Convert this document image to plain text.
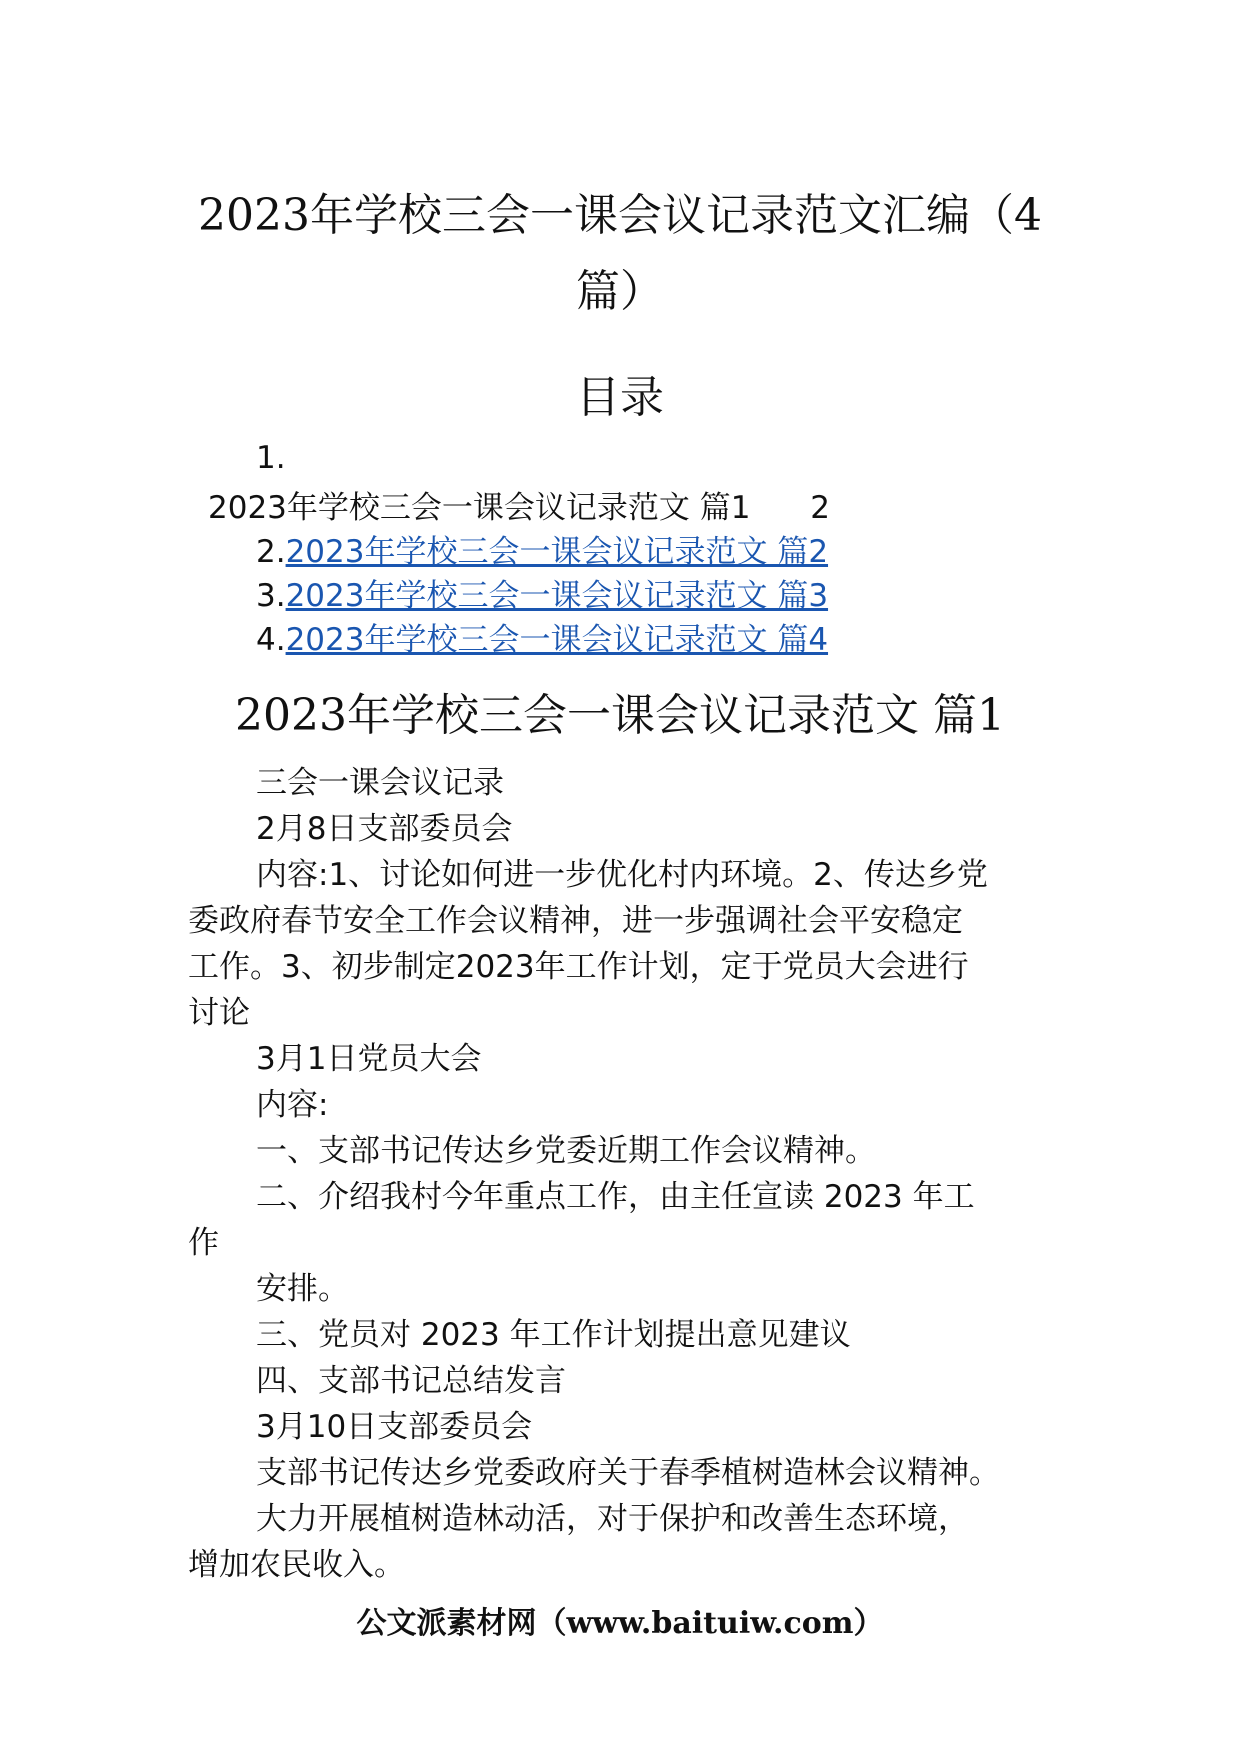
2023年学校三会一课会议记录范文汇编（4
篇）
目录
1.
2023年学校三会一课会议记录范文 篇1 2
2.2023年学校三会一课会议记录范文 篇2
3.2023年学校三会一课会议记录范文 篇3
4.2023年学校三会一课会议记录范文 篇4
2023年学校三会一课会议记录范文 篇1
三会一课会议记录
2月8日支部委员会
内容:1、讨论如何进一步优化村内环境。2、传达乡党
委政府春节安全工作会议精神，进一步强调社会平安稳定
工作。3、初步制定2023年工作计划，定于党员大会进行
讨论
3月1日党员大会
内容:
一、支部书记传达乡党委近期工作会议精神。
二、介绍我村今年重点工作，由主任宣读 2023 年工
作
安排。
三、党员对 2023 年工作计划提出意见建议
四、支部书记总结发言
3月10日支部委员会
支部书记传达乡党委政府关于春季植树造林会议精神。
大力开展植树造林动活，对于保护和改善生态环境，
增加农民收入。
公文派素材网（www.baituiw.com）
